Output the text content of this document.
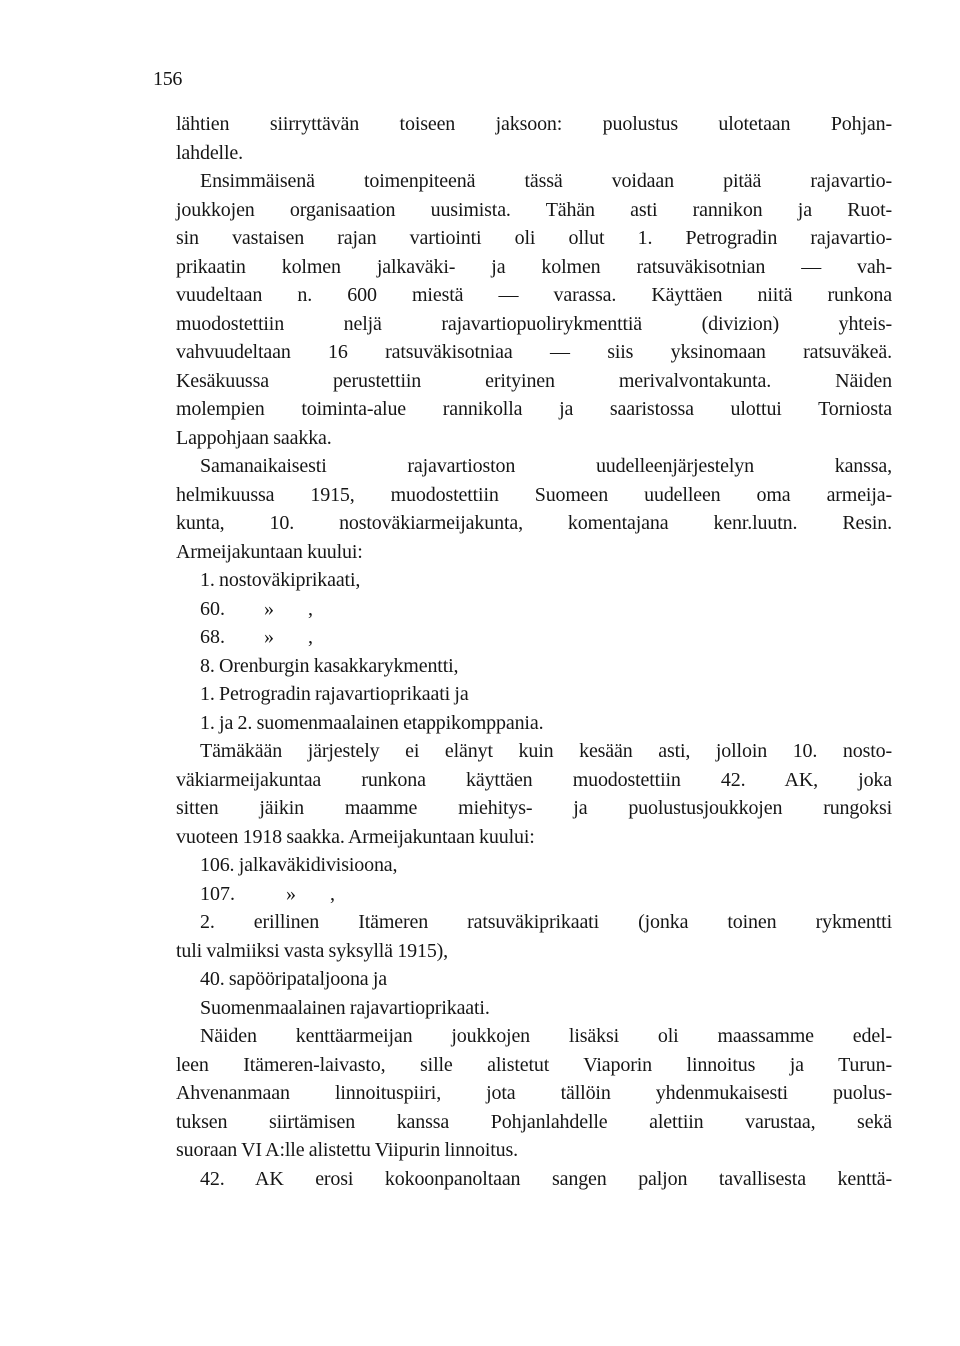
156
lähtien siirryttävän toiseen jaksoon: puolustus ulotetaan Pohjan-
lahdelle.
Ensimmäisenä toimenpiteenä tässä voidaan pitää rajavartio-
joukkojen organisaation uusimista. Tähän asti rannikon ja Ruot-
sin vastaisen rajan vartiointi oli ollut 1. Petrogradin rajavartio-
prikaatin kolmen jalkaväki- ja kolmen ratsuväkisotnian — vah-
vuudeltaan n. 600 miestä — varassa. Käyttäen niitä runkona
muodostettiin neljä rajavartiopuolirykmenttiä (divizion) yhteis-
vahvuudeltaan 16 ratsuväkisotniaa — siis yksinomaan ratsuväkeä.
Kesäkuussa perustettiin erityinen merivalvontakunta. Näiden
molempien toiminta-alue rannikolla ja saaristossa ulottui Torniosta
Lappohjaan saakka.
Samanaikaisesti rajavartioston uudelleenjärjestelyn kanssa,
helmikuussa 1915, muodostettiin Suomeen uudelleen oma armeija-
kunta, 10. nostoväkiarmeijakunta, komentajana kenr.luutn. Resin.
Armeijakuntaan kuului:
1. nostoväkiprikaati,
60. » ,
68. » ,
8. Orenburgin kasakkarykmentti,
1. Petrogradin rajavartioprikaati ja
1. ja 2. suomenmaalainen etappikomppania.
Tämäkään järjestely ei elänyt kuin kesään asti, jolloin 10. nosto-
väkiarmeijakuntaa runkona käyttäen muodostettiin 42. AK, joka
sitten jäikin maamme miehitys- ja puolustusjoukkojen rungoksi
vuoteen 1918 saakka. Armeijakuntaan kuului:
106. jalkaväkidivisioona,
107.	» ,
2. erillinen Itämeren ratsuväkiprikaati (jonka toinen rykmentti
tuli valmiiksi vasta syksyllä 1915),
40. sapööripataljoona ja
Suomenmaalainen rajavartioprikaati.
Näiden kenttäarmeijan joukkojen lisäksi oli maassamme edel-
leen Itämeren-laivasto, sille alistetut Viaporin linnoitus ja Turun-
Ahvenanmaan linnoituspiiri, jota tällöin yhdenmukaisesti puolus-
tuksen siirtämisen kanssa Pohjanlahdelle alettiin varustaa, sekä
suoraan VI A:lle alistettu Viipurin linnoitus.
42. AK erosi kokoonpanoltaan sangen paljon tavallisesta kenttä-
